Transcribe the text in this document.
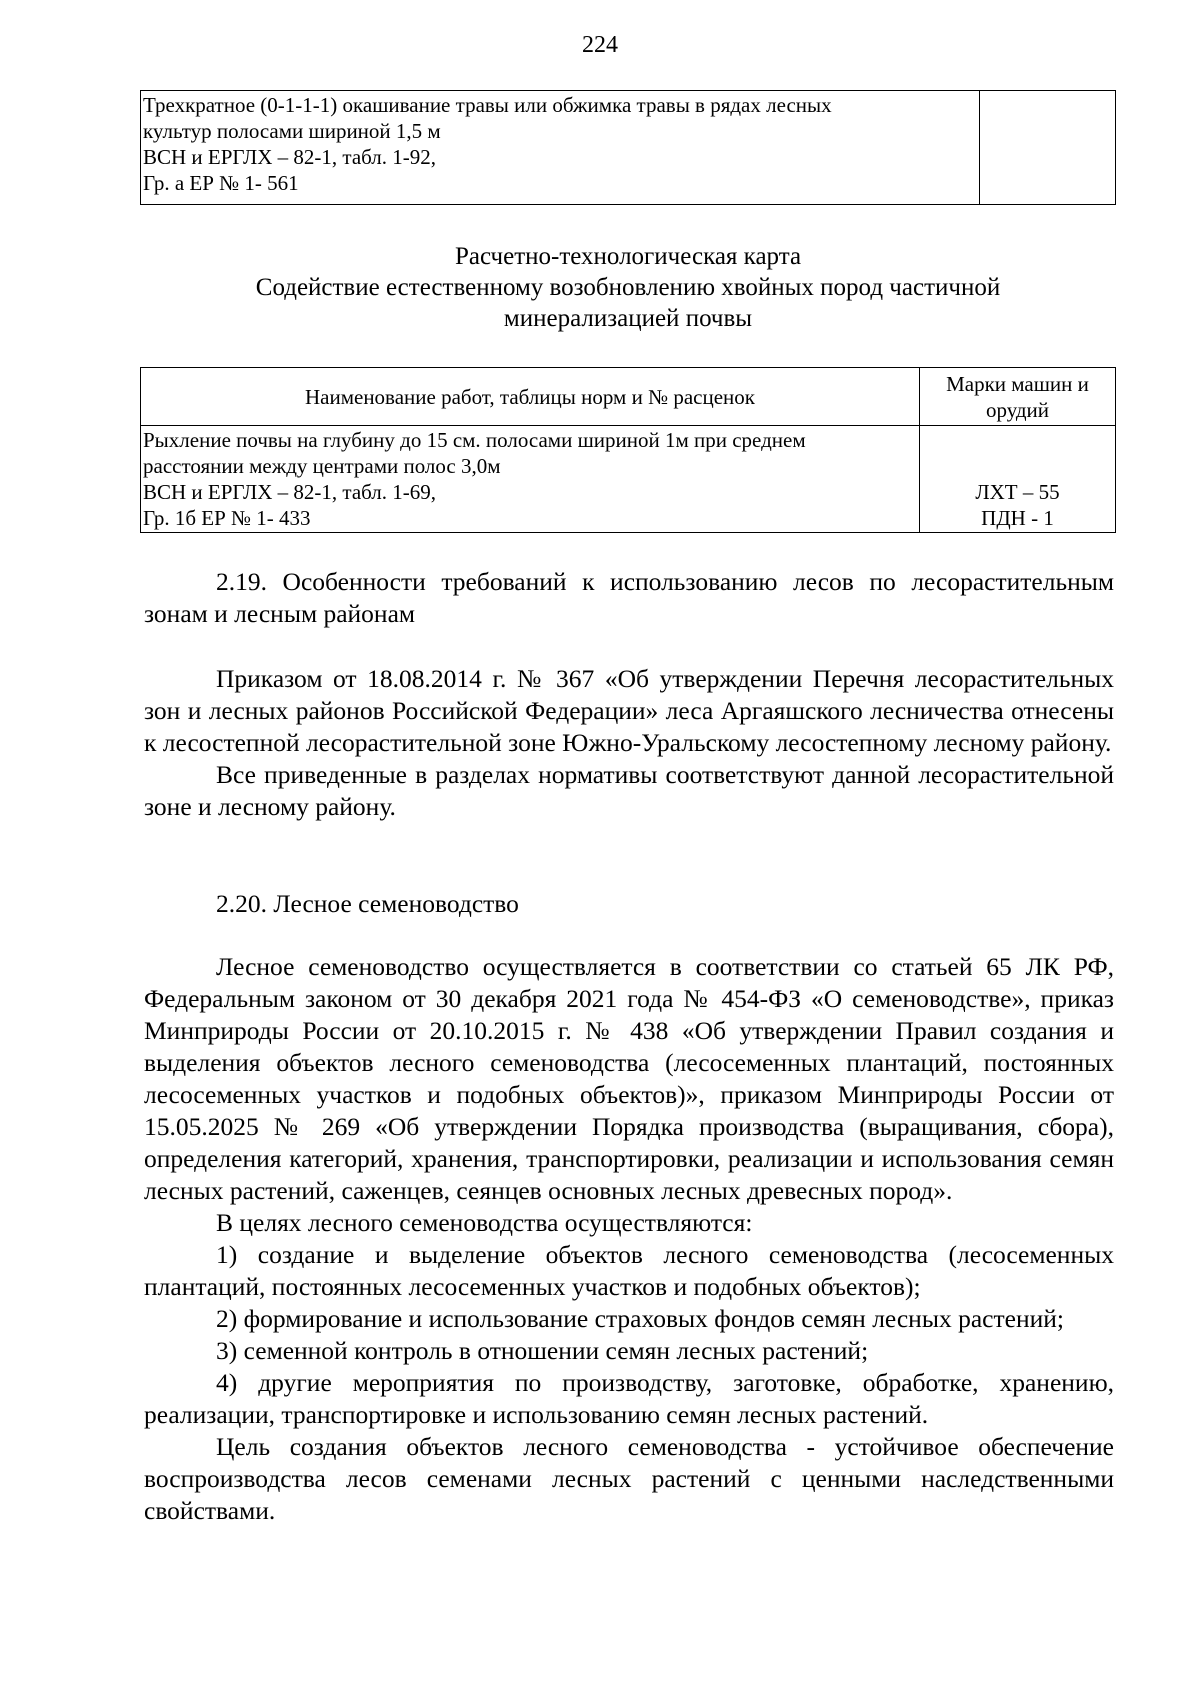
224
Трехкратное (0-1-1-1) окашивание травы или обжимка травы в рядах лесных
культур полосами шириной 1,5 м
ВСН и ЕРГЛХ – 82-1, табл. 1-92,
Гр. а ЕР № 1- 561

Расчетно-технологическая карта
Содействие естественному возобновлению хвойных пород частичной
минерализацией почвы
Наименование работ, таблицы норм и № расценок	Марки машин и орудий

Рыхление почвы на глубину до 15 см. полосами шириной 1м при среднем
расстоянии между центрами полос 3,0м
ВСН и ЕРГЛХ – 82-1, табл. 1-69,
Гр. 1б ЕР № 1- 433	ЛХТ – 55
ПДН - 1

2.19. Особенности требований к использованию лесов по лесорастительным зонам и лесным районам

Приказом от 18.08.2014 г. № 367 «Об утверждении Перечня лесорастительных зон и лесных районов Российской Федерации» леса Аргаяшского лесничества отнесены к лесостепной лесорастительной зоне Южно-Уральскому лесостепному лесному району.

Все приведенные в разделах нормативы соответствуют данной лесорастительной зоне и лесному району.

2.20. Лесное семеноводство

Лесное семеноводство осуществляется в соответствии со статьей 65 ЛК РФ, Федеральным законом от 30 декабря 2021 года № 454-ФЗ «О семеноводстве», приказ Минприроды России от 20.10.2015 г. № 438 «Об утверждении Правил создания и выделения объектов лесного семеноводства (лесосеменных плантаций, постоянных лесосеменных участков и подобных объектов)», приказом Минприроды России от 15.05.2025 № 269 «Об утверждении Порядка производства (выращивания, сбора), определения категорий, хранения, транспортировки, реализации и использования семян лесных растений, саженцев, сеянцев основных лесных древесных пород».

В целях лесного семеноводства осуществляются:

1) создание и выделение объектов лесного семеноводства (лесосеменных плантаций, постоянных лесосеменных участков и подобных объектов);

2) формирование и использование страховых фондов семян лесных растений;

3) семенной контроль в отношении семян лесных растений;

4) другие мероприятия по производству, заготовке, обработке, хранению, реализации, транспортировке и использованию семян лесных растений.

Цель создания объектов лесного семеноводства - устойчивое обеспечение воспроизводства лесов семенами лесных растений с ценными наследственными свойствами.
